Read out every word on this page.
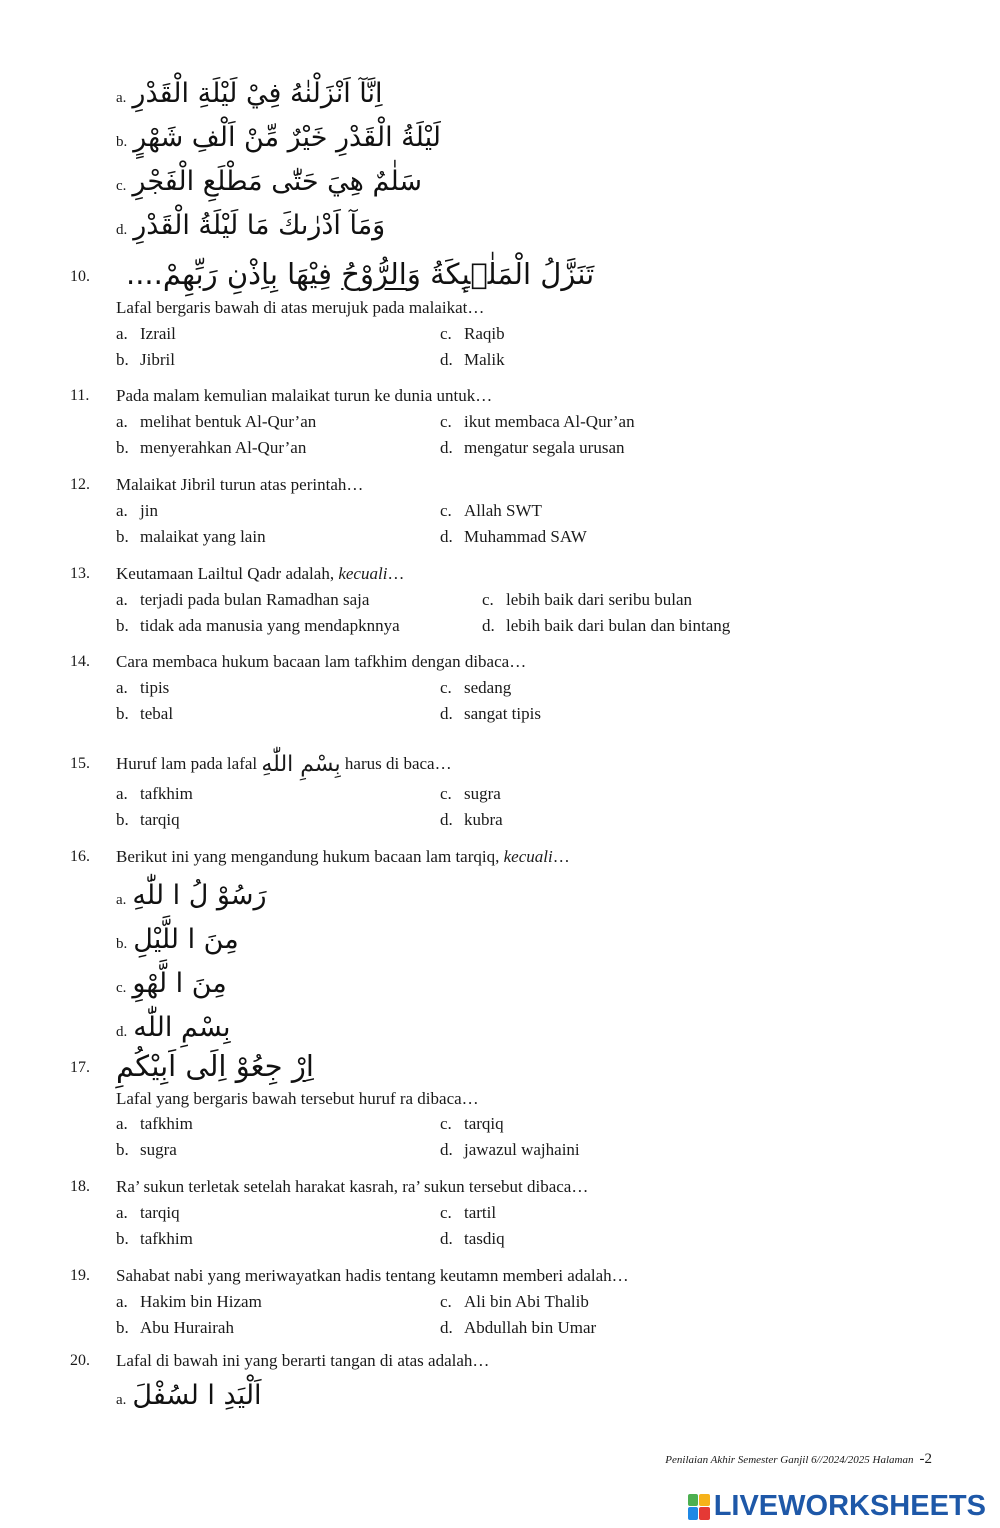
a. اِنَّآ اَنْزَلْنٰهُ فِيْ لَيْلَةِ الْقَدْرِ
b. لَيْلَةُ الْقَدْرِ خَيْرٌ مِّنْ اَلْفِ شَهْرٍ
c. سَلٰمٌ هِيَ حَتّٰى مَطْلَعِ الْفَجْرِ
d. وَمَآ اَدْرٰىكَ مَا لَيْلَةُ الْقَدْرِ
10.	تَنَزَّلُ الْمَلٰۤىِٕكَةُ وَالرُّوْحُ فِيْهَا بِاِذْنِ رَبِّهِمْ....
Lafal bergaris bawah di atas merujuk pada malaikat…
a. Izrail
b. Jibril
c. Raqib
d. Malik
11. Pada malam kemulian malaikat turun ke dunia untuk…
a. melihat bentuk Al-Qur’an
b. menyerahkan Al-Qur’an
c. ikut membaca Al-Qur’an
d. mengatur segala urusan
12. Malaikat Jibril turun atas perintah…
a. jin
b. malaikat yang lain
c. Allah SWT
d. Muhammad SAW
13. Keutamaan Lailtul Qadr adalah, kecuali…
a. terjadi pada bulan Ramadhan saja
b. tidak ada manusia yang mendapknnya
c. lebih baik dari seribu bulan
d. lebih baik dari bulan dan bintang
14. Cara membaca hukum bacaan lam tafkhim dengan dibaca…
a. tipis
b. tebal
c. sedang
d. sangat tipis
15. Huruf lam pada lafal بِسْمِ اللّٰهِ harus di baca…
a. tafkhim
b. tarqiq
c. sugra
d. kubra
16. Berikut ini yang mengandung hukum bacaan lam tarqiq, kecuali…
a. رَسُوْ لُ ا للّٰهِ
b. مِنَ ا للَّيْلِ
c. مِنَ ا لَّهْوِ
d. بِسْمِ اللّٰه
17.	اِرْ جِعُوْ اِلَى اَبِيْكُمِ
Lafal yang bergaris bawah tersebut huruf ra dibaca…
a. tafkhim
b. sugra
c. tarqiq
d. jawazul wajhaini
18. Ra’ sukun terletak setelah harakat kasrah, ra’ sukun tersebut dibaca…
a. tarqiq
b. tafkhim
c. tartil
d. tasdiq
19. Sahabat nabi yang meriwayatkan hadis tentang keutamn memberi adalah…
a. Hakim bin Hizam
b. Abu Hurairah
c. Ali bin Abi Thalib
d. Abdullah bin Umar
20. Lafal di bawah ini yang berarti tangan di atas adalah…
a. اَلْيَدِ ا لسُفْلَ
Penilaian Akhir Semester Ganjil 6//2024/2025 Halaman -2
LIVEWORKSHEETS
